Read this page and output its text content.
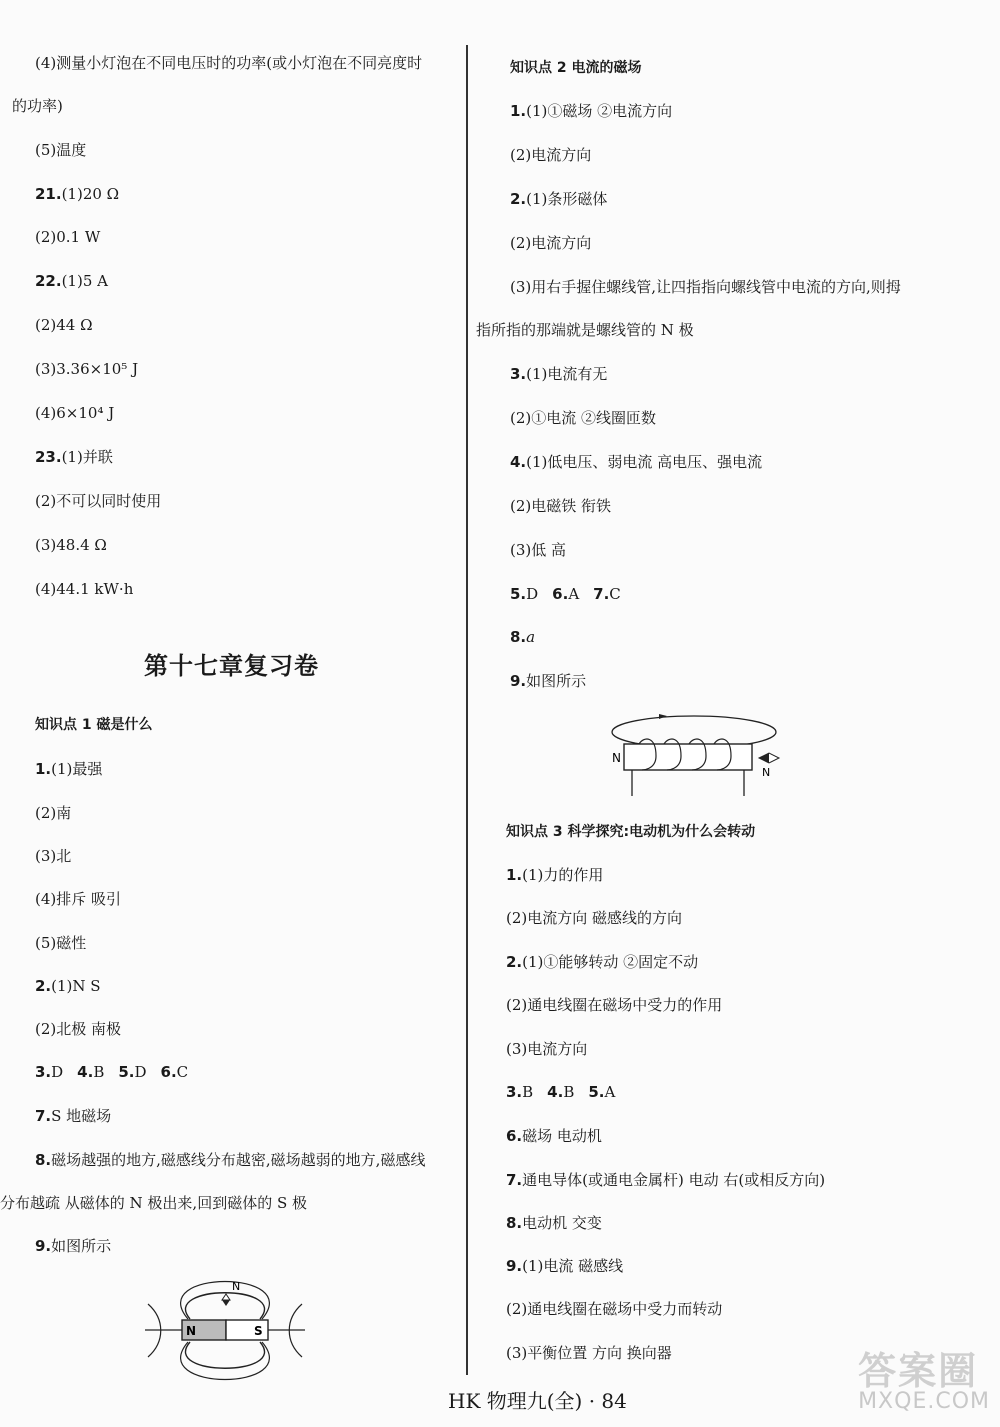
(4)测量小灯泡在不同电压时的功率(或小灯泡在不同亮度时
的功率)
(5)温度
21.(1)20 Ω
(2)0.1 W
22.(1)5 A
(2)44 Ω
(3)3.36×10⁵ J
(4)6×10⁴ J
23.(1)并联
(2)不可以同时使用
(3)48.4 Ω
(4)44.1 kW·h
第十七章复习卷
知识点 1 磁是什么
1.(1)最强
(2)南
(3)北
(4)排斥 吸引
(5)磁性
2.(1)N S
(2)北极 南极
3.D 4.B 5.D 6.C
7.S 地磁场
8.磁场越强的地方,磁感线分布越密,磁场越弱的地方,磁感线
分布越疏 从磁体的 N 极出来,回到磁体的 S 极
9.如图所示
N	S
N
知识点 2 电流的磁场
1.(1)①磁场 ②电流方向
(2)电流方向
2.(1)条形磁体
(2)电流方向
(3)用右手握住螺线管,让四指指向螺线管中电流的方向,则拇
指所指的那端就是螺线管的 N 极
3.(1)电流有无
(2)①电流 ②线圈匝数
4.(1)低电压、弱电流 高电压、强电流
(2)电磁铁 衔铁
(3)低 高
5.D 6.A 7.C
8.a
9.如图所示
N
N
知识点 3 科学探究:电动机为什么会转动
1.(1)力的作用
(2)电流方向 磁感线的方向
2.(1)①能够转动 ②固定不动
(2)通电线圈在磁场中受力的作用
(3)电流方向
3.B 4.B 5.A
6.磁场 电动机
7.通电导体(或通电金属杆) 电动 右(或相反方向)
8.电动机 交变
9.(1)电流 磁感线
(2)通电线圈在磁场中受力而转动
(3)平衡位置 方向 换向器
HK 物理九(全) · 84
答案圈
MXQE.COM
